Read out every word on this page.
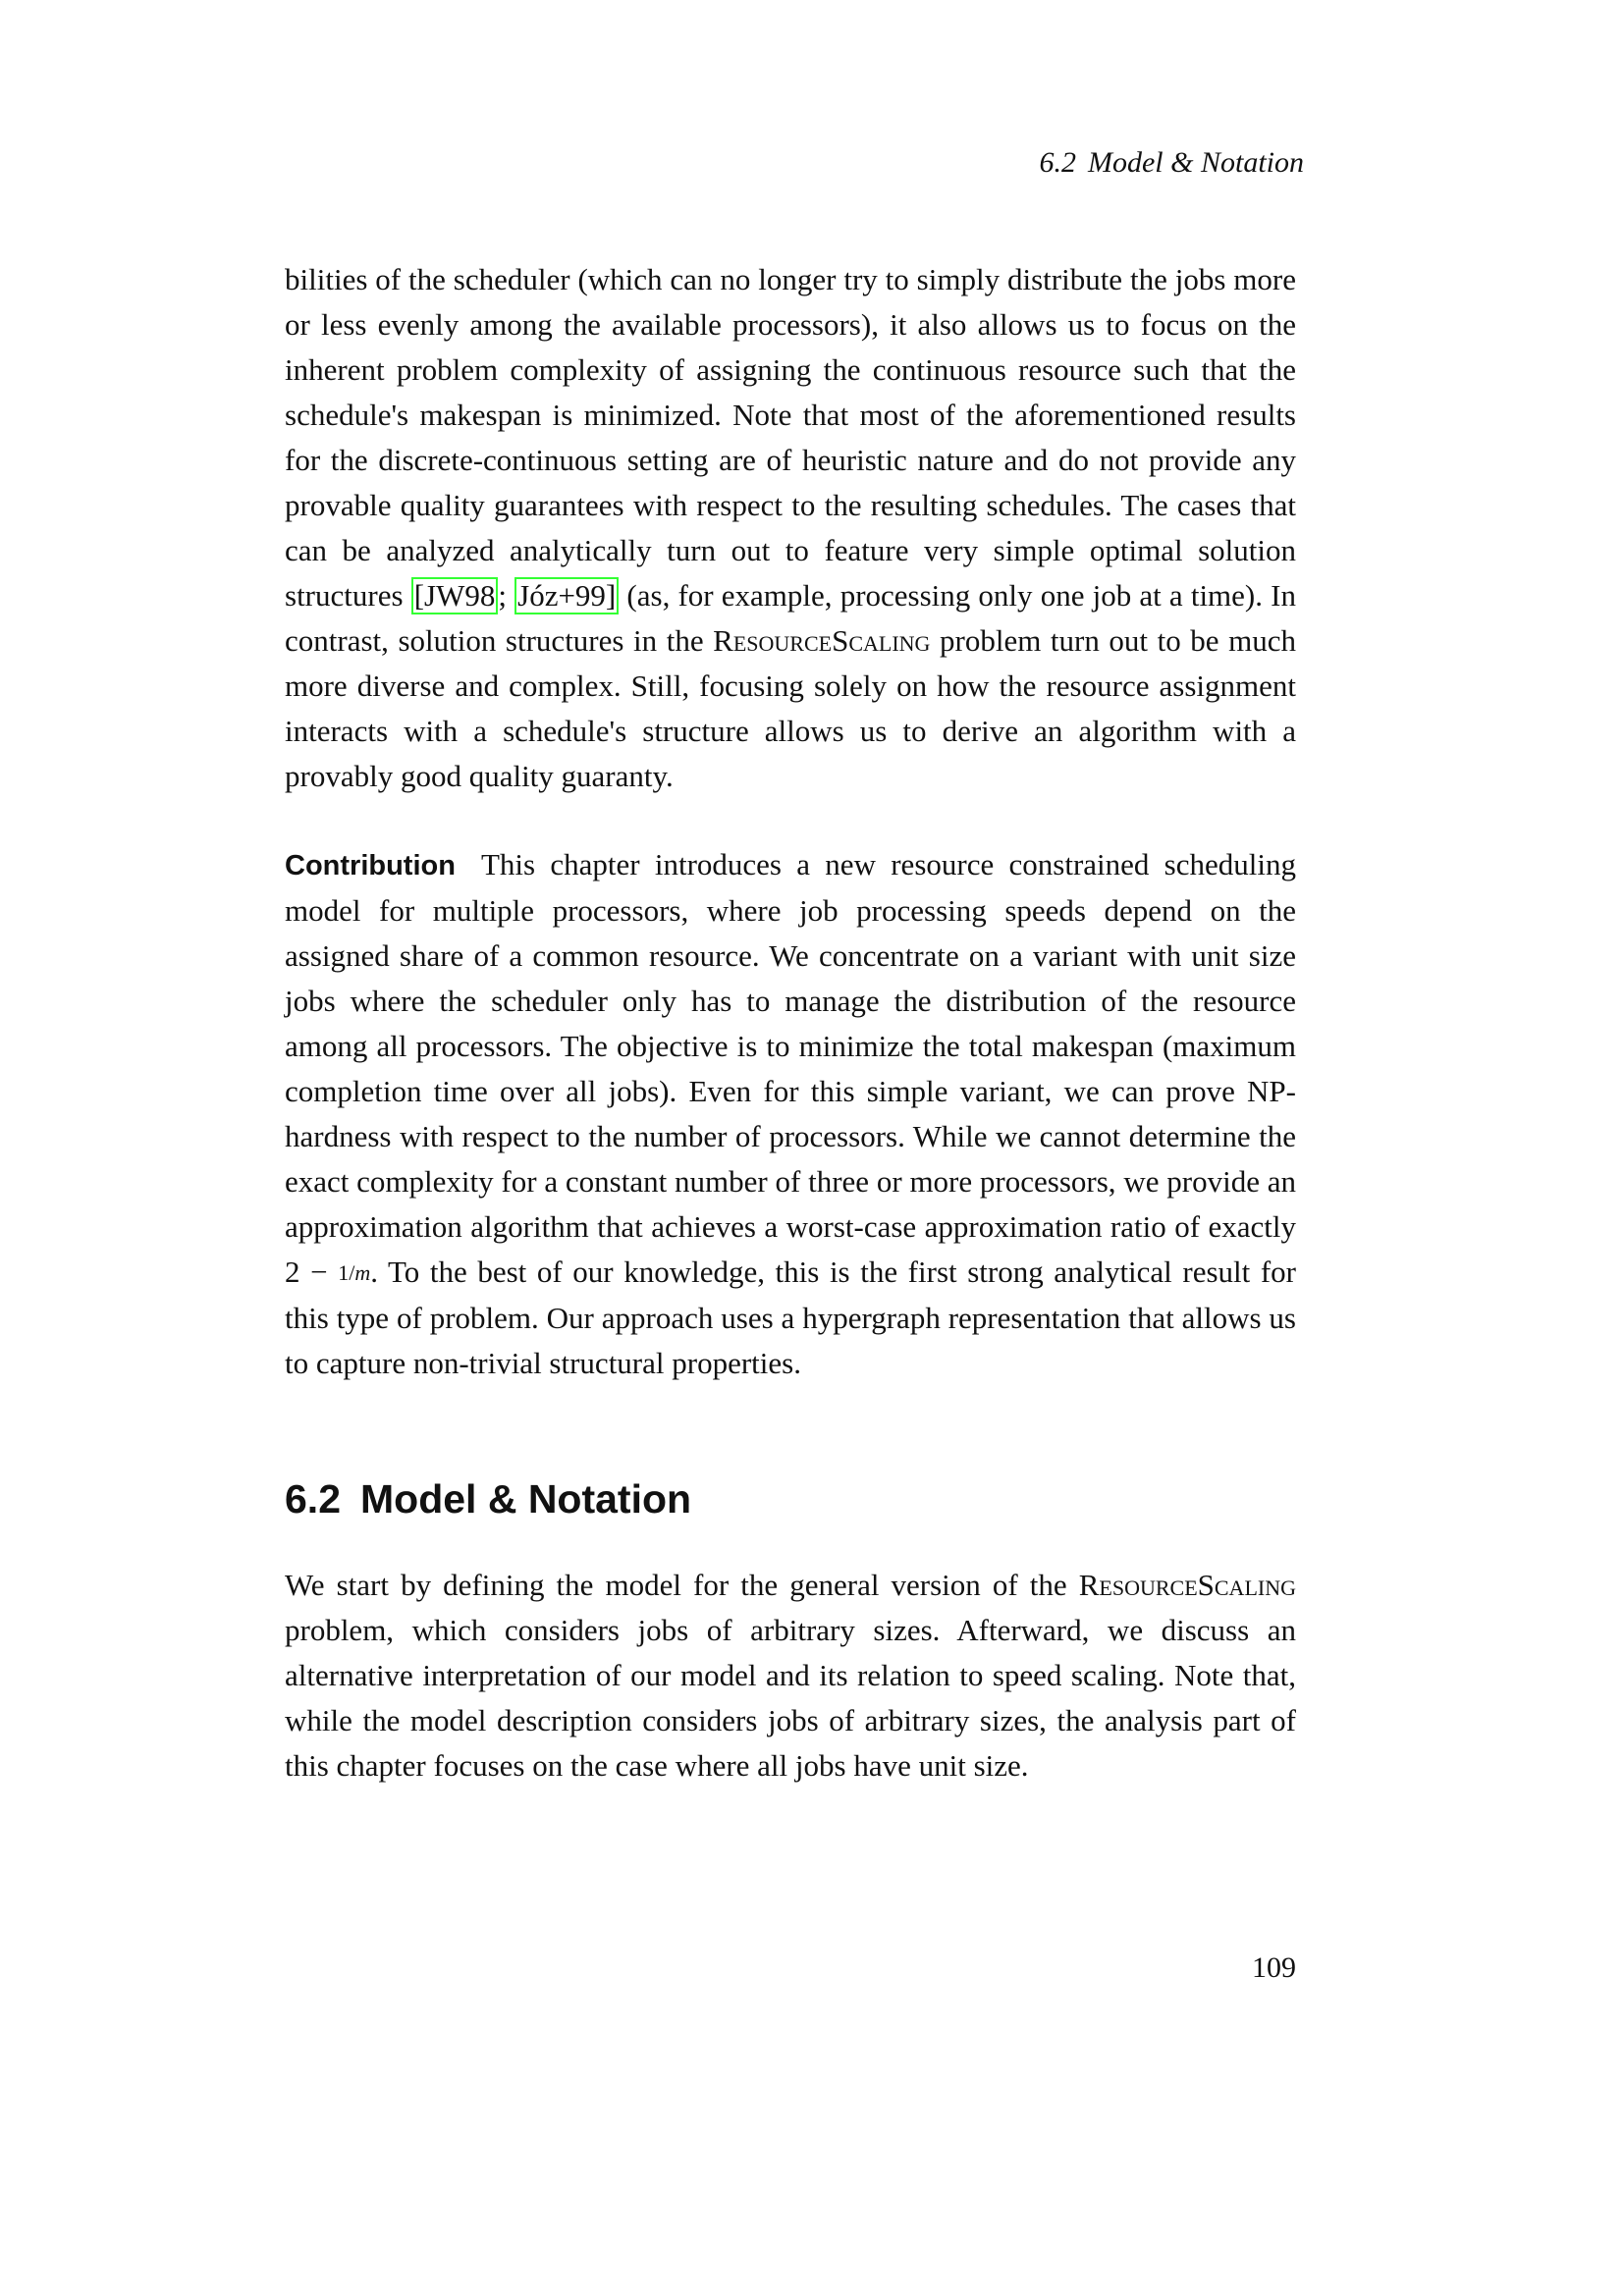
6.2 Model & Notation

bilities of the scheduler (which can no longer try to simply distribute the jobs more or less evenly among the available processors), it also allows us to focus on the inherent problem complexity of assigning the continuous resource such that the schedule's makespan is minimized. Note that most of the aforementioned results for the discrete-continuous setting are of heuristic nature and do not provide any provable quality guarantees with respect to the resulting schedules. The cases that can be analyzed analytically turn out to feature very simple optimal solution structures [JW98; Józ+99] (as, for example, processing only one job at a time). In contrast, solution structures in the ResourceScaling problem turn out to be much more diverse and complex. Still, focusing solely on how the resource assignment interacts with a schedule's structure allows us to derive an algorithm with a provably good quality guaranty.

Contribution This chapter introduces a new resource constrained scheduling model for multiple processors, where job processing speeds depend on the assigned share of a common resource. We concentrate on a variant with unit size jobs where the scheduler only has to manage the distribution of the resource among all processors. The objective is to minimize the total makespan (maximum completion time over all jobs). Even for this simple variant, we can prove NP-hardness with respect to the number of processors. While we cannot determine the exact complexity for a constant number of three or more processors, we provide an approximation algorithm that achieves a worst-case approximation ratio of exactly 2 − 1/m. To the best of our knowledge, this is the first strong analytical result for this type of problem. Our approach uses a hypergraph representation that allows us to capture non-trivial structural properties.

6.2 Model & Notation

We start by defining the model for the general version of the ResourceScaling problem, which considers jobs of arbitrary sizes. Afterward, we discuss an alternative interpretation of our model and its relation to speed scaling. Note that, while the model description considers jobs of arbitrary sizes, the analysis part of this chapter focuses on the case where all jobs have unit size.

109
